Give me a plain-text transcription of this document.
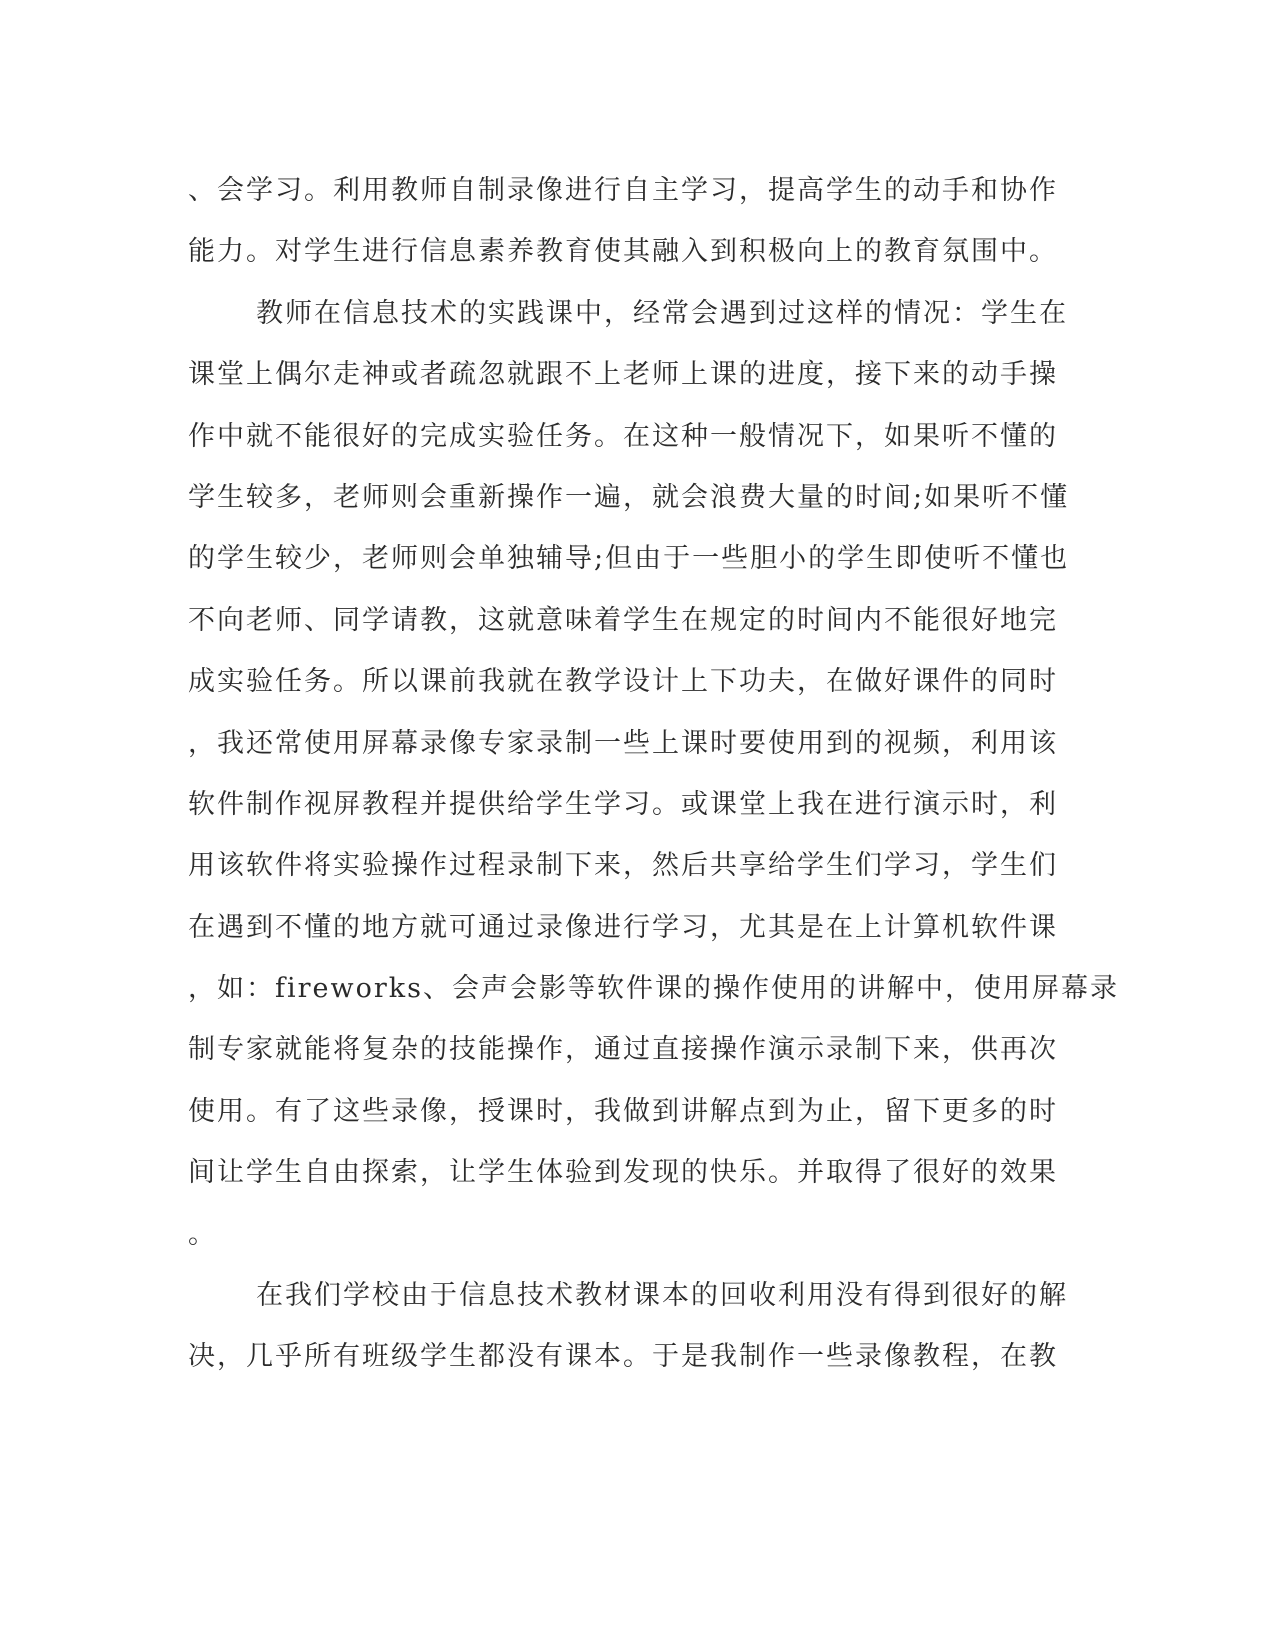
、会学习。利用教师自制录像进行自主学习，提高学生的动手和协作
能力。对学生进行信息素养教育使其融入到积极向上的教育氛围中。
教师在信息技术的实践课中，经常会遇到过这样的情况：学生在
课堂上偶尔走神或者疏忽就跟不上老师上课的进度，接下来的动手操
作中就不能很好的完成实验任务。在这种一般情况下，如果听不懂的
学生较多，老师则会重新操作一遍，就会浪费大量的时间;如果听不懂
的学生较少，老师则会单独辅导;但由于一些胆小的学生即使听不懂也
不向老师、同学请教，这就意味着学生在规定的时间内不能很好地完
成实验任务。所以课前我就在教学设计上下功夫，在做好课件的同时
，我还常使用屏幕录像专家录制一些上课时要使用到的视频，利用该
软件制作视屏教程并提供给学生学习。或课堂上我在进行演示时，利
用该软件将实验操作过程录制下来，然后共享给学生们学习，学生们
在遇到不懂的地方就可通过录像进行学习，尤其是在上计算机软件课
，如：fireworks、会声会影等软件课的操作使用的讲解中，使用屏幕录
制专家就能将复杂的技能操作，通过直接操作演示录制下来，供再次
使用。有了这些录像，授课时，我做到讲解点到为止，留下更多的时
间让学生自由探索，让学生体验到发现的快乐。并取得了很好的效果
。
在我们学校由于信息技术教材课本的回收利用没有得到很好的解
决，几乎所有班级学生都没有课本。于是我制作一些录像教程，在教
